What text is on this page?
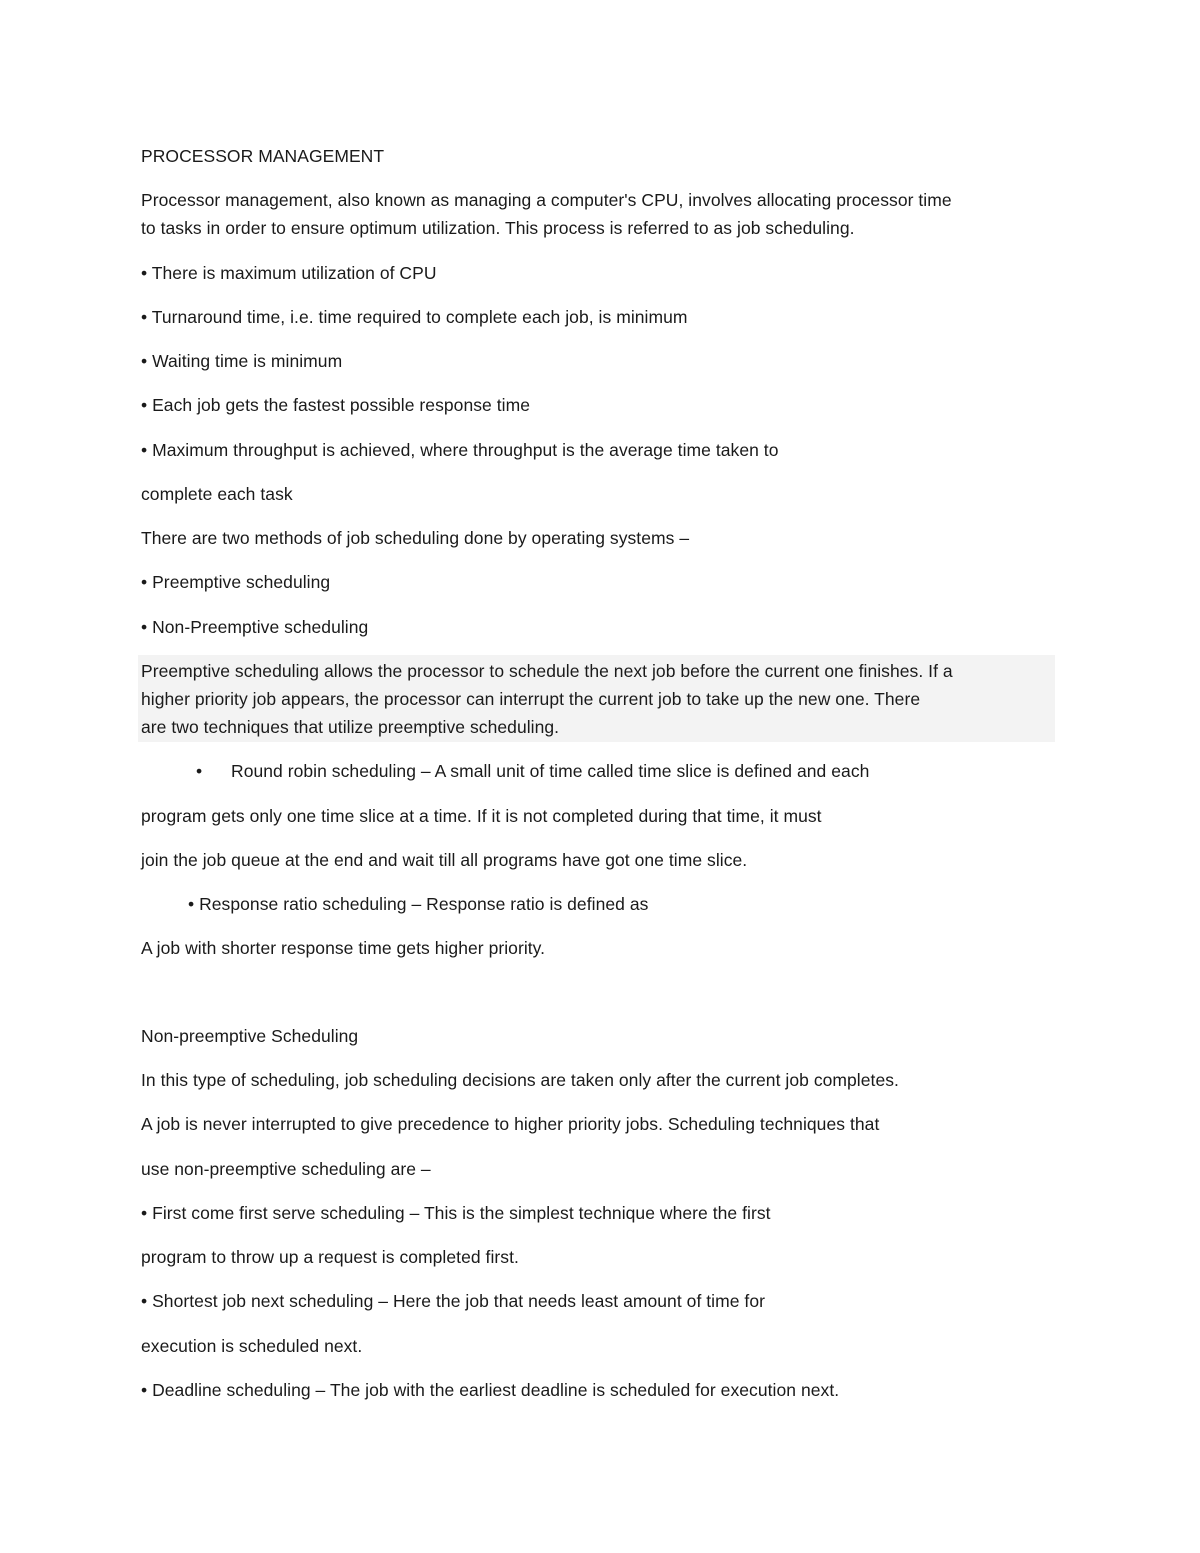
PROCESSOR MANAGEMENT
Processor management, also known as managing a computer's CPU, involves allocating processor time
to tasks in order to ensure optimum utilization. This process is referred to as job scheduling.
• There is maximum utilization of CPU
• Turnaround time, i.e. time required to complete each job, is minimum
• Waiting time is minimum
• Each job gets the fastest possible response time
• Maximum throughput is achieved, where throughput is the average time taken to
complete each task
There are two methods of job scheduling done by operating systems –
• Preemptive scheduling
• Non-Preemptive scheduling
Preemptive scheduling allows the processor to schedule the next job before the current one finishes. If a
higher priority job appears, the processor can interrupt the current job to take up the new one. There
are two techniques that utilize preemptive scheduling.
• Round robin scheduling – A small unit of time called time slice is defined and each
program gets only one time slice at a time. If it is not completed during that time, it must
join the job queue at the end and wait till all programs have got one time slice.
• Response ratio scheduling – Response ratio is defined as
A job with shorter response time gets higher priority.
Non-preemptive Scheduling
In this type of scheduling, job scheduling decisions are taken only after the current job completes.
A job is never interrupted to give precedence to higher priority jobs. Scheduling techniques that
use non-preemptive scheduling are –
• First come first serve scheduling – This is the simplest technique where the first
program to throw up a request is completed first.
• Shortest job next scheduling – Here the job that needs least amount of time for
execution is scheduled next.
• Deadline scheduling – The job with the earliest deadline is scheduled for execution next.
